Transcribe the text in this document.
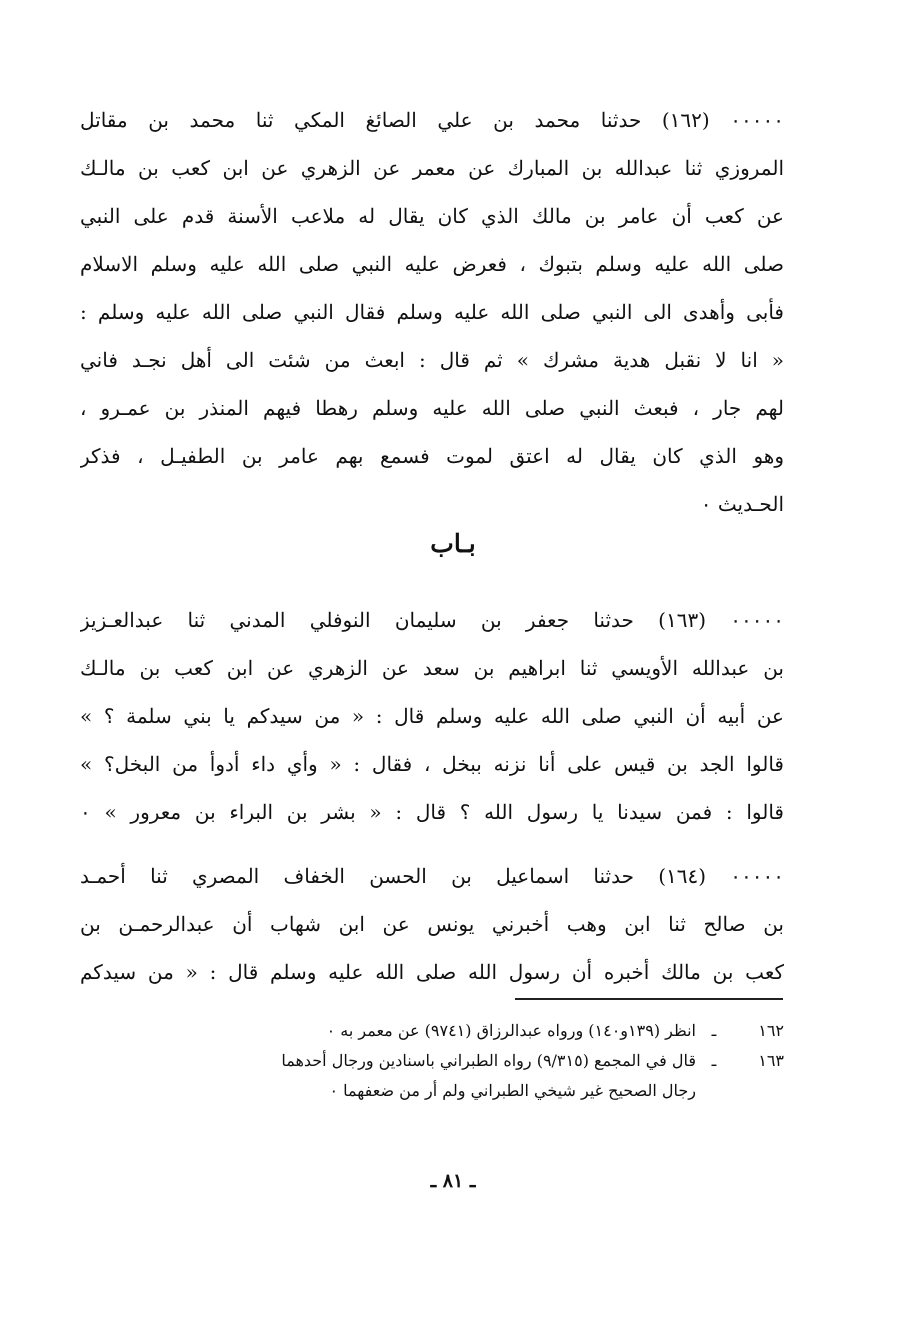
٠٠٠٠٠ (١٦٢) حدثنا محمد بن علي الصائغ المكي ثنا محمد بن مقاتل
المروزي ثنا عبدالله بن المبارك عن معمر عن الزهري عن ابن كعب بن مالـك
عن كعب أن عامر بن مالك الذي كان يقال له ملاعب الأسنة قدم على النبي
صلى الله عليه وسلم بتبوك ، فعرض عليه النبي صلى الله عليه وسلم الاسلام
فأبى وأهدى الى النبي صلى الله عليه وسلم فقال النبي صلى الله عليه وسلم :
« انا لا نقبل هدية مشرك » ثم قال : ابعث من شئت الى أهل نجـد فاني
لهم جار ، فبعث النبي صلى الله عليه وسلم رهطا فيهم المنذر بن عمـرو ،
وهو الذي كان يقال له اعتق لموت فسمع بهم عامر بن الطفيـل ، فذكر
الحـديث ٠
بـاب
٠٠٠٠٠ (١٦٣) حدثنا جعفر بن سليمان النوفلي المدني ثنا عبدالعـزيز
بن عبدالله الأويسي ثنا ابراهيم بن سعد عن الزهري عن ابن كعب بن مالـك
عن أبيه أن النبي صلى الله عليه وسلم قال : « من سيدكم يا بني سلمة ؟ »
قالوا الجد بن قيس على أنا نزنه ببخل ، فقال : « وأي داء أدوأ من البخل؟ »
قالوا : فمن سيدنا يا رسول الله ؟ قال : « بشر بن البراء بن معرور » ٠
٠٠٠٠٠ (١٦٤) حدثنا اسماعيل بن الحسن الخفاف المصري ثنا أحمـد
بن صالح ثنا ابن وهب أخبرني يونس عن ابن شهاب أن عبدالرحمـن بن
كعب بن مالك أخبره أن رسول الله صلى الله عليه وسلم قال : « من سيدكم
١٦٢
ـ
انظر (١٣٩و١٤٠) ورواه عبدالرزاق (٩٧٤١) عن معمر به ٠
١٦٣
ـ
قال في المجمع (٩/٣١٥) رواه الطبراني باسنادين ورجال أحدهما
رجال الصحيح غير شيخي الطبراني ولم أر من ضعفهما ٠
ـ ٨١ ـ
